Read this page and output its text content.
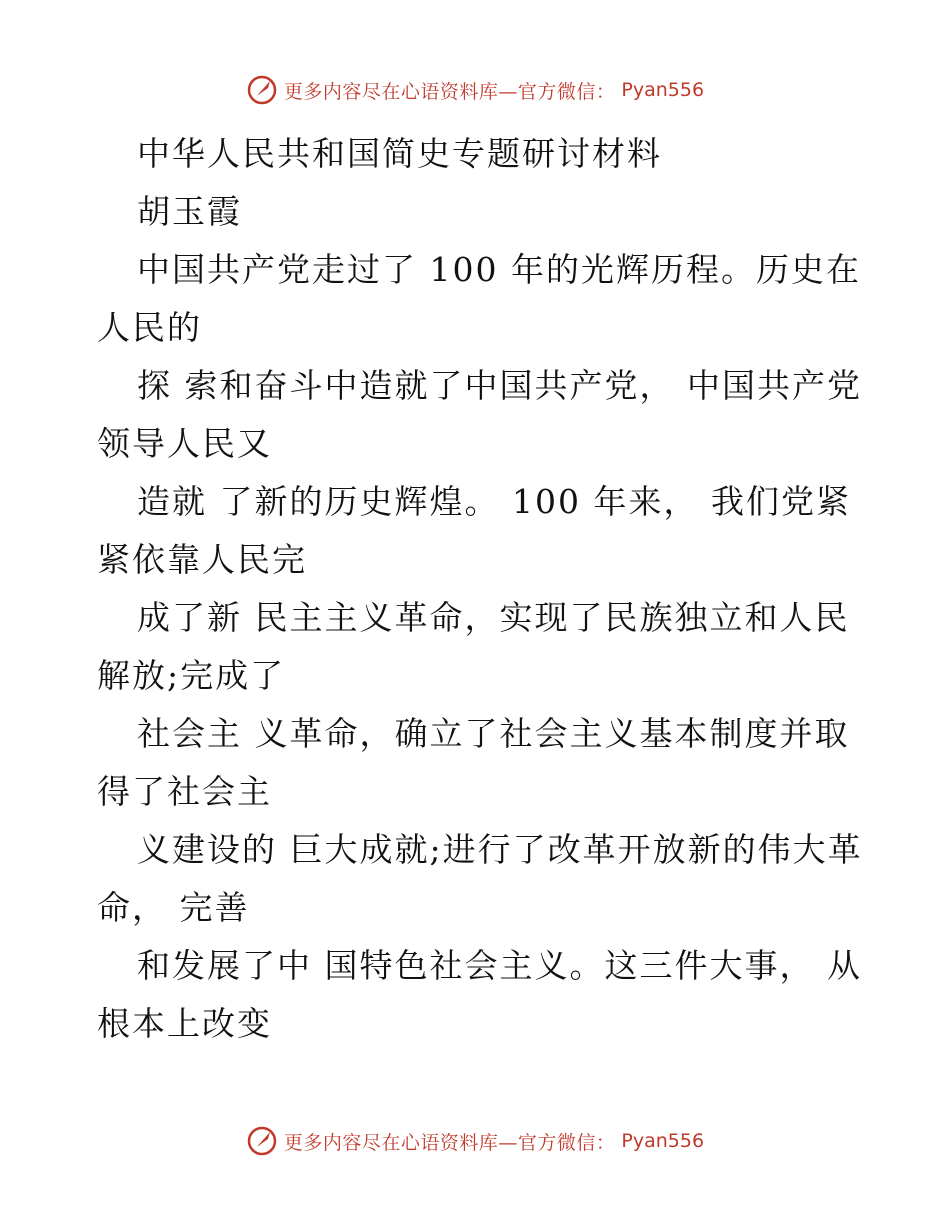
更多内容尽在心语资料库—官方微信： Pyan556
中华人民共和国简史专题研讨材料
胡玉霞
中国共产党走过了 100 年的光辉历程。历史在
人民的
探 索和奋斗中造就了中国共产党， 中国共产党
领导人民又
造就 了新的历史辉煌。 100 年来， 我们党紧
紧依靠人民完
成了新 民主主义革命，实现了民族独立和人民
解放;完成了
社会主 义革命，确立了社会主义基本制度并取
得了社会主
义建设的 巨大成就;进行了改革开放新的伟大革
命， 完善
和发展了中 国特色社会主义。这三件大事， 从
根本上改变
更多内容尽在心语资料库—官方微信： Pyan556
